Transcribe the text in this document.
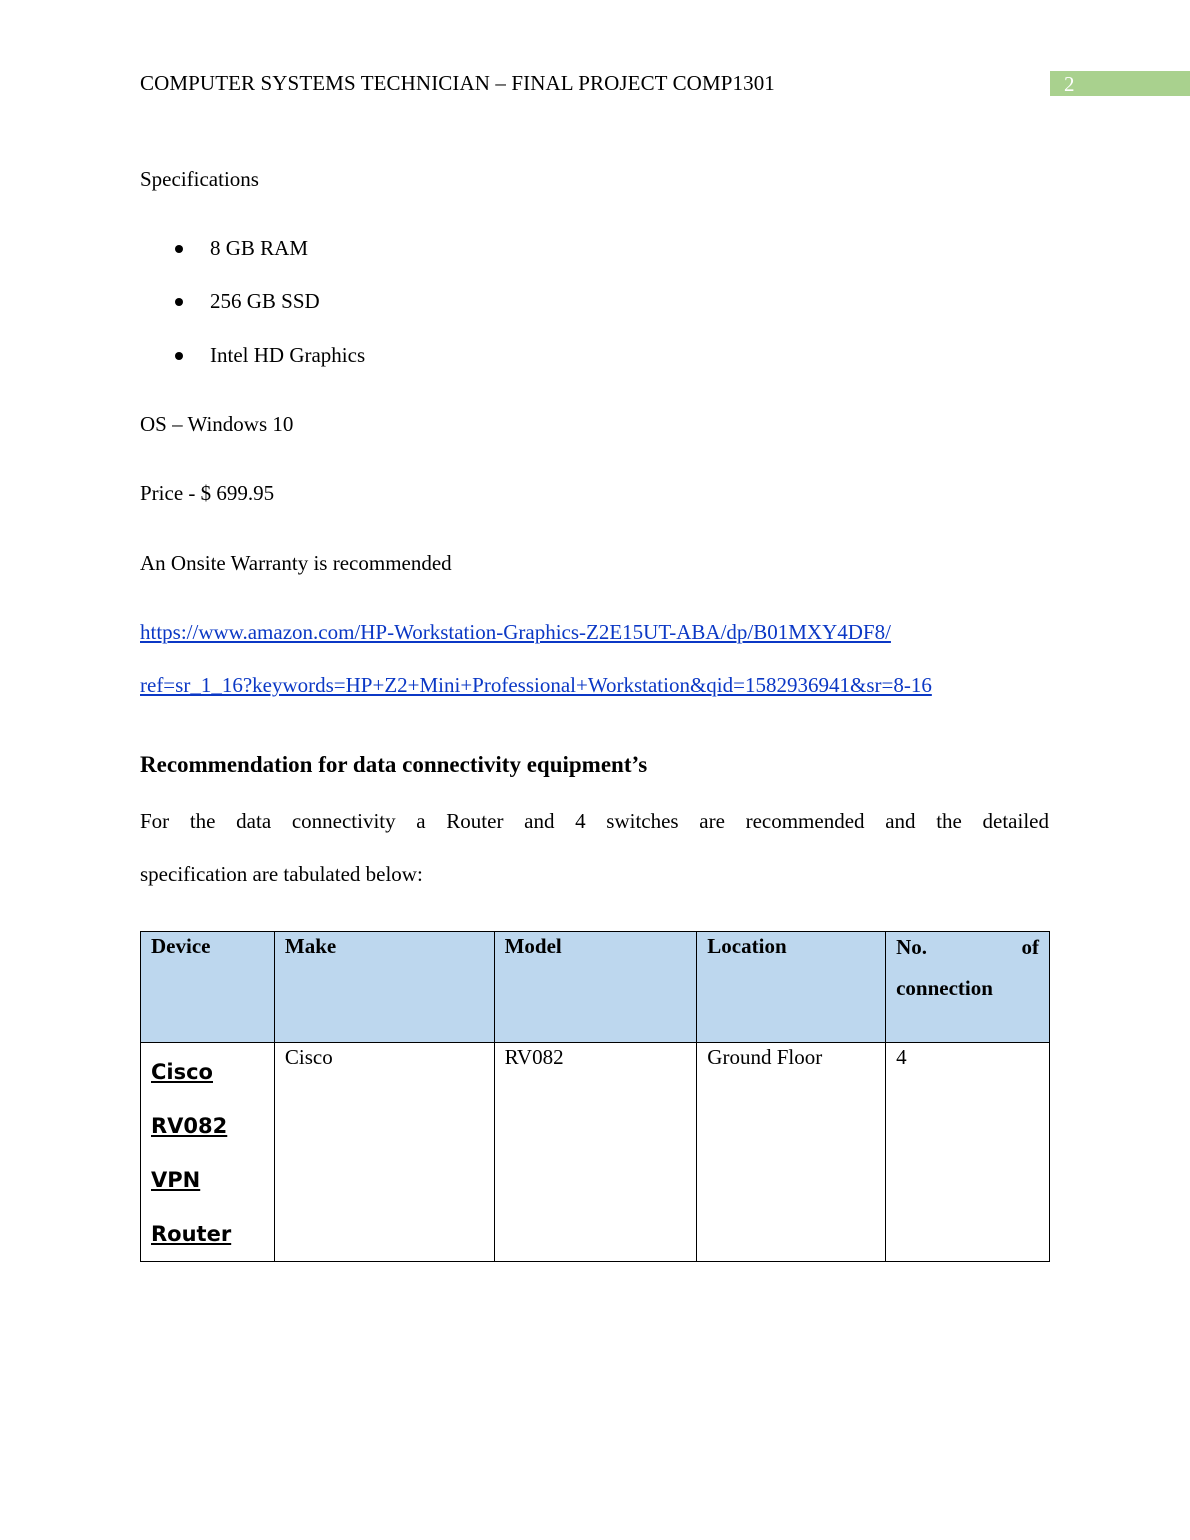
COMPUTER SYSTEMS TECHNICIAN – FINAL PROJECT COMP1301	2
Specifications
8 GB RAM
256 GB SSD
Intel HD Graphics
OS – Windows 10
Price - $ 699.95
An Onsite Warranty is recommended
https://www.amazon.com/HP-Workstation-Graphics-Z2E15UT-ABA/dp/B01MXY4DF8/
ref=sr_1_16?keywords=HP+Z2+Mini+Professional+Workstation&qid=1582936941&sr=8-16
Recommendation for data connectivity equipment’s
For the data connectivity a Router and 4 switches are recommended and the detailed
specification are tabulated below:
Device	Make	Model	Location	No. of
connection

Cisco
RV082
VPN
Router	Cisco	RV082	Ground Floor	4
